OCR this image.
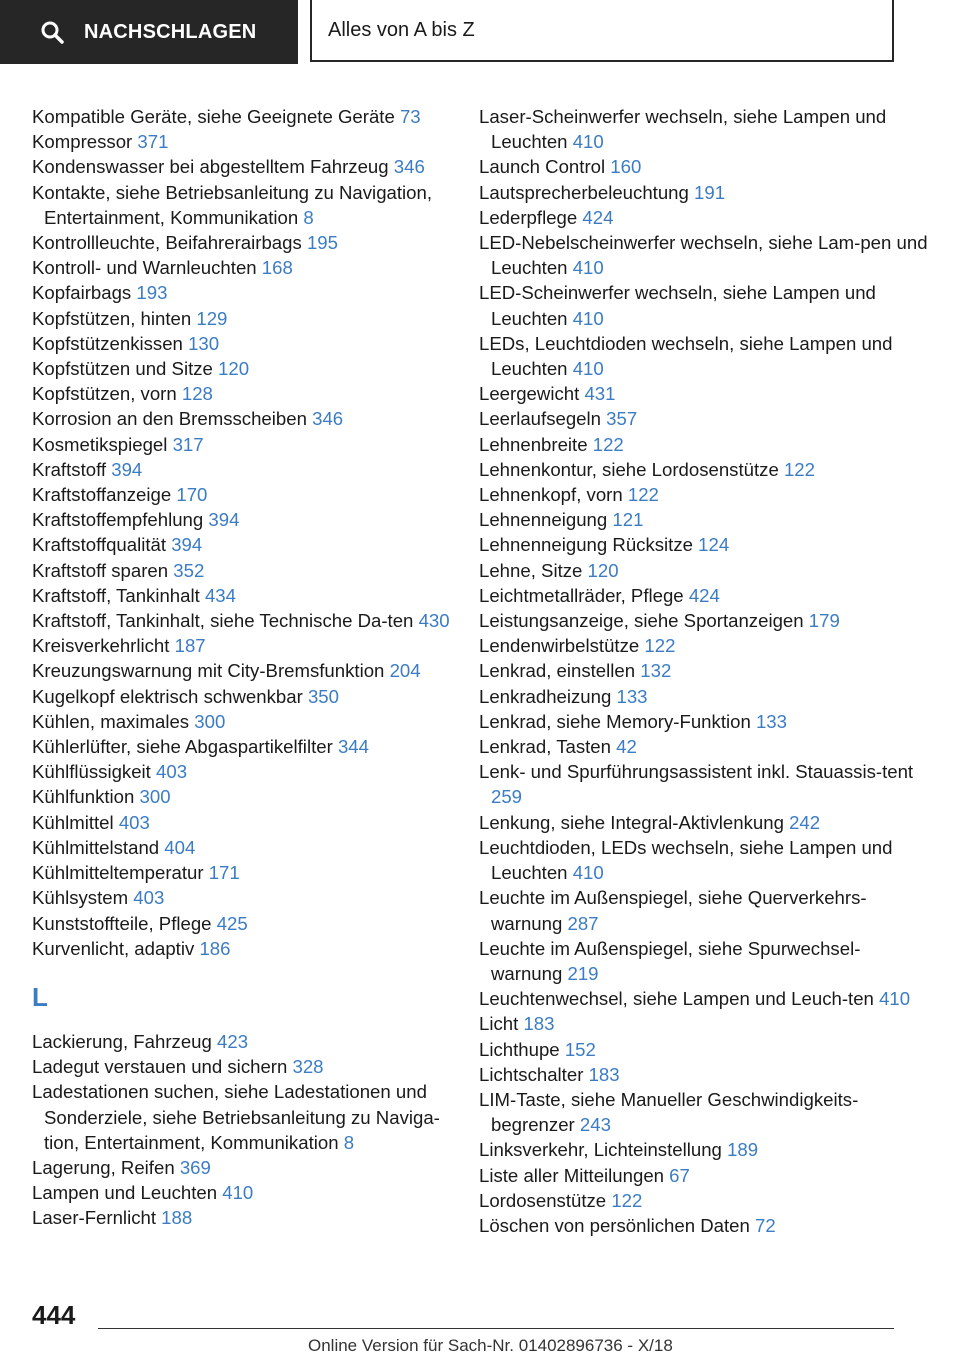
NACHSCHLAGEN	Alles von A bis Z
Kompatible Geräte, siehe Geeignete Geräte 73
Kompressor 371
Kondenswasser bei abgestelltem Fahrzeug 346
Kontakte, siehe Betriebsanleitung zu Navigation, Entertainment, Kommunikation 8
Kontrollleuchte, Beifahrerairbags 195
Kontroll- und Warnleuchten 168
Kopfairbags 193
Kopfstützen, hinten 129
Kopfstützenkissen 130
Kopfstützen und Sitze 120
Kopfstützen, vorn 128
Korrosion an den Bremsscheiben 346
Kosmetikspiegel 317
Kraftstoff 394
Kraftstoffanzeige 170
Kraftstoffempfehlung 394
Kraftstoffqualität 394
Kraftstoff sparen 352
Kraftstoff, Tankinhalt 434
Kraftstoff, Tankinhalt, siehe Technische Da-ten 430
Kreisverkehrlicht 187
Kreuzungswarnung mit City-Bremsfunktion 204
Kugelkopf elektrisch schwenkbar 350
Kühlen, maximales 300
Kühlerlüfter, siehe Abgaspartikelfilter 344
Kühlflüssigkeit 403
Kühlfunktion 300
Kühlmittel 403
Kühlmittelstand 404
Kühlmitteltemperatur 171
Kühlsystem 403
Kunststoffteile, Pflege 425
Kurvenlicht, adaptiv 186
L
Lackierung, Fahrzeug 423
Ladegut verstauen und sichern 328
Ladestationen suchen, siehe Ladestationen und Sonderziele, siehe Betriebsanleitung zu Naviga-tion, Entertainment, Kommunikation 8
Lagerung, Reifen 369
Lampen und Leuchten 410
Laser-Fernlicht 188
Laser-Scheinwerfer wechseln, siehe Lampen und Leuchten 410
Launch Control 160
Lautsprecherbeleuchtung 191
Lederpflege 424
LED-Nebelscheinwerfer wechseln, siehe Lam-pen und Leuchten 410
LED-Scheinwerfer wechseln, siehe Lampen und Leuchten 410
LEDs, Leuchtdioden wechseln, siehe Lampen und Leuchten 410
Leergewicht 431
Leerlaufsegeln 357
Lehnenbreite 122
Lehnenkontur, siehe Lordosenstütze 122
Lehnenkopf, vorn 122
Lehnenneigung 121
Lehnenneigung Rücksitze 124
Lehne, Sitze 120
Leichtmetallräder, Pflege 424
Leistungsanzeige, siehe Sportanzeigen 179
Lendenwirbelstütze 122
Lenkrad, einstellen 132
Lenkradheizung 133
Lenkrad, siehe Memory-Funktion 133
Lenkrad, Tasten 42
Lenk- und Spurführungsassistent inkl. Stauassis-tent 259
Lenkung, siehe Integral-Aktivlenkung 242
Leuchtdioden, LEDs wechseln, siehe Lampen und Leuchten 410
Leuchte im Außenspiegel, siehe Querverkehrs-warnung 287
Leuchte im Außenspiegel, siehe Spurwechsel-warnung 219
Leuchtenwechsel, siehe Lampen und Leuch-ten 410
Licht 183
Lichthupe 152
Lichtschalter 183
LIM-Taste, siehe Manueller Geschwindigkeits-begrenzer 243
Linksverkehr, Lichteinstellung 189
Liste aller Mitteilungen 67
Lordosenstütze 122
Löschen von persönlichen Daten 72
444
Online Version für Sach-Nr. 01402896736 - X/18
